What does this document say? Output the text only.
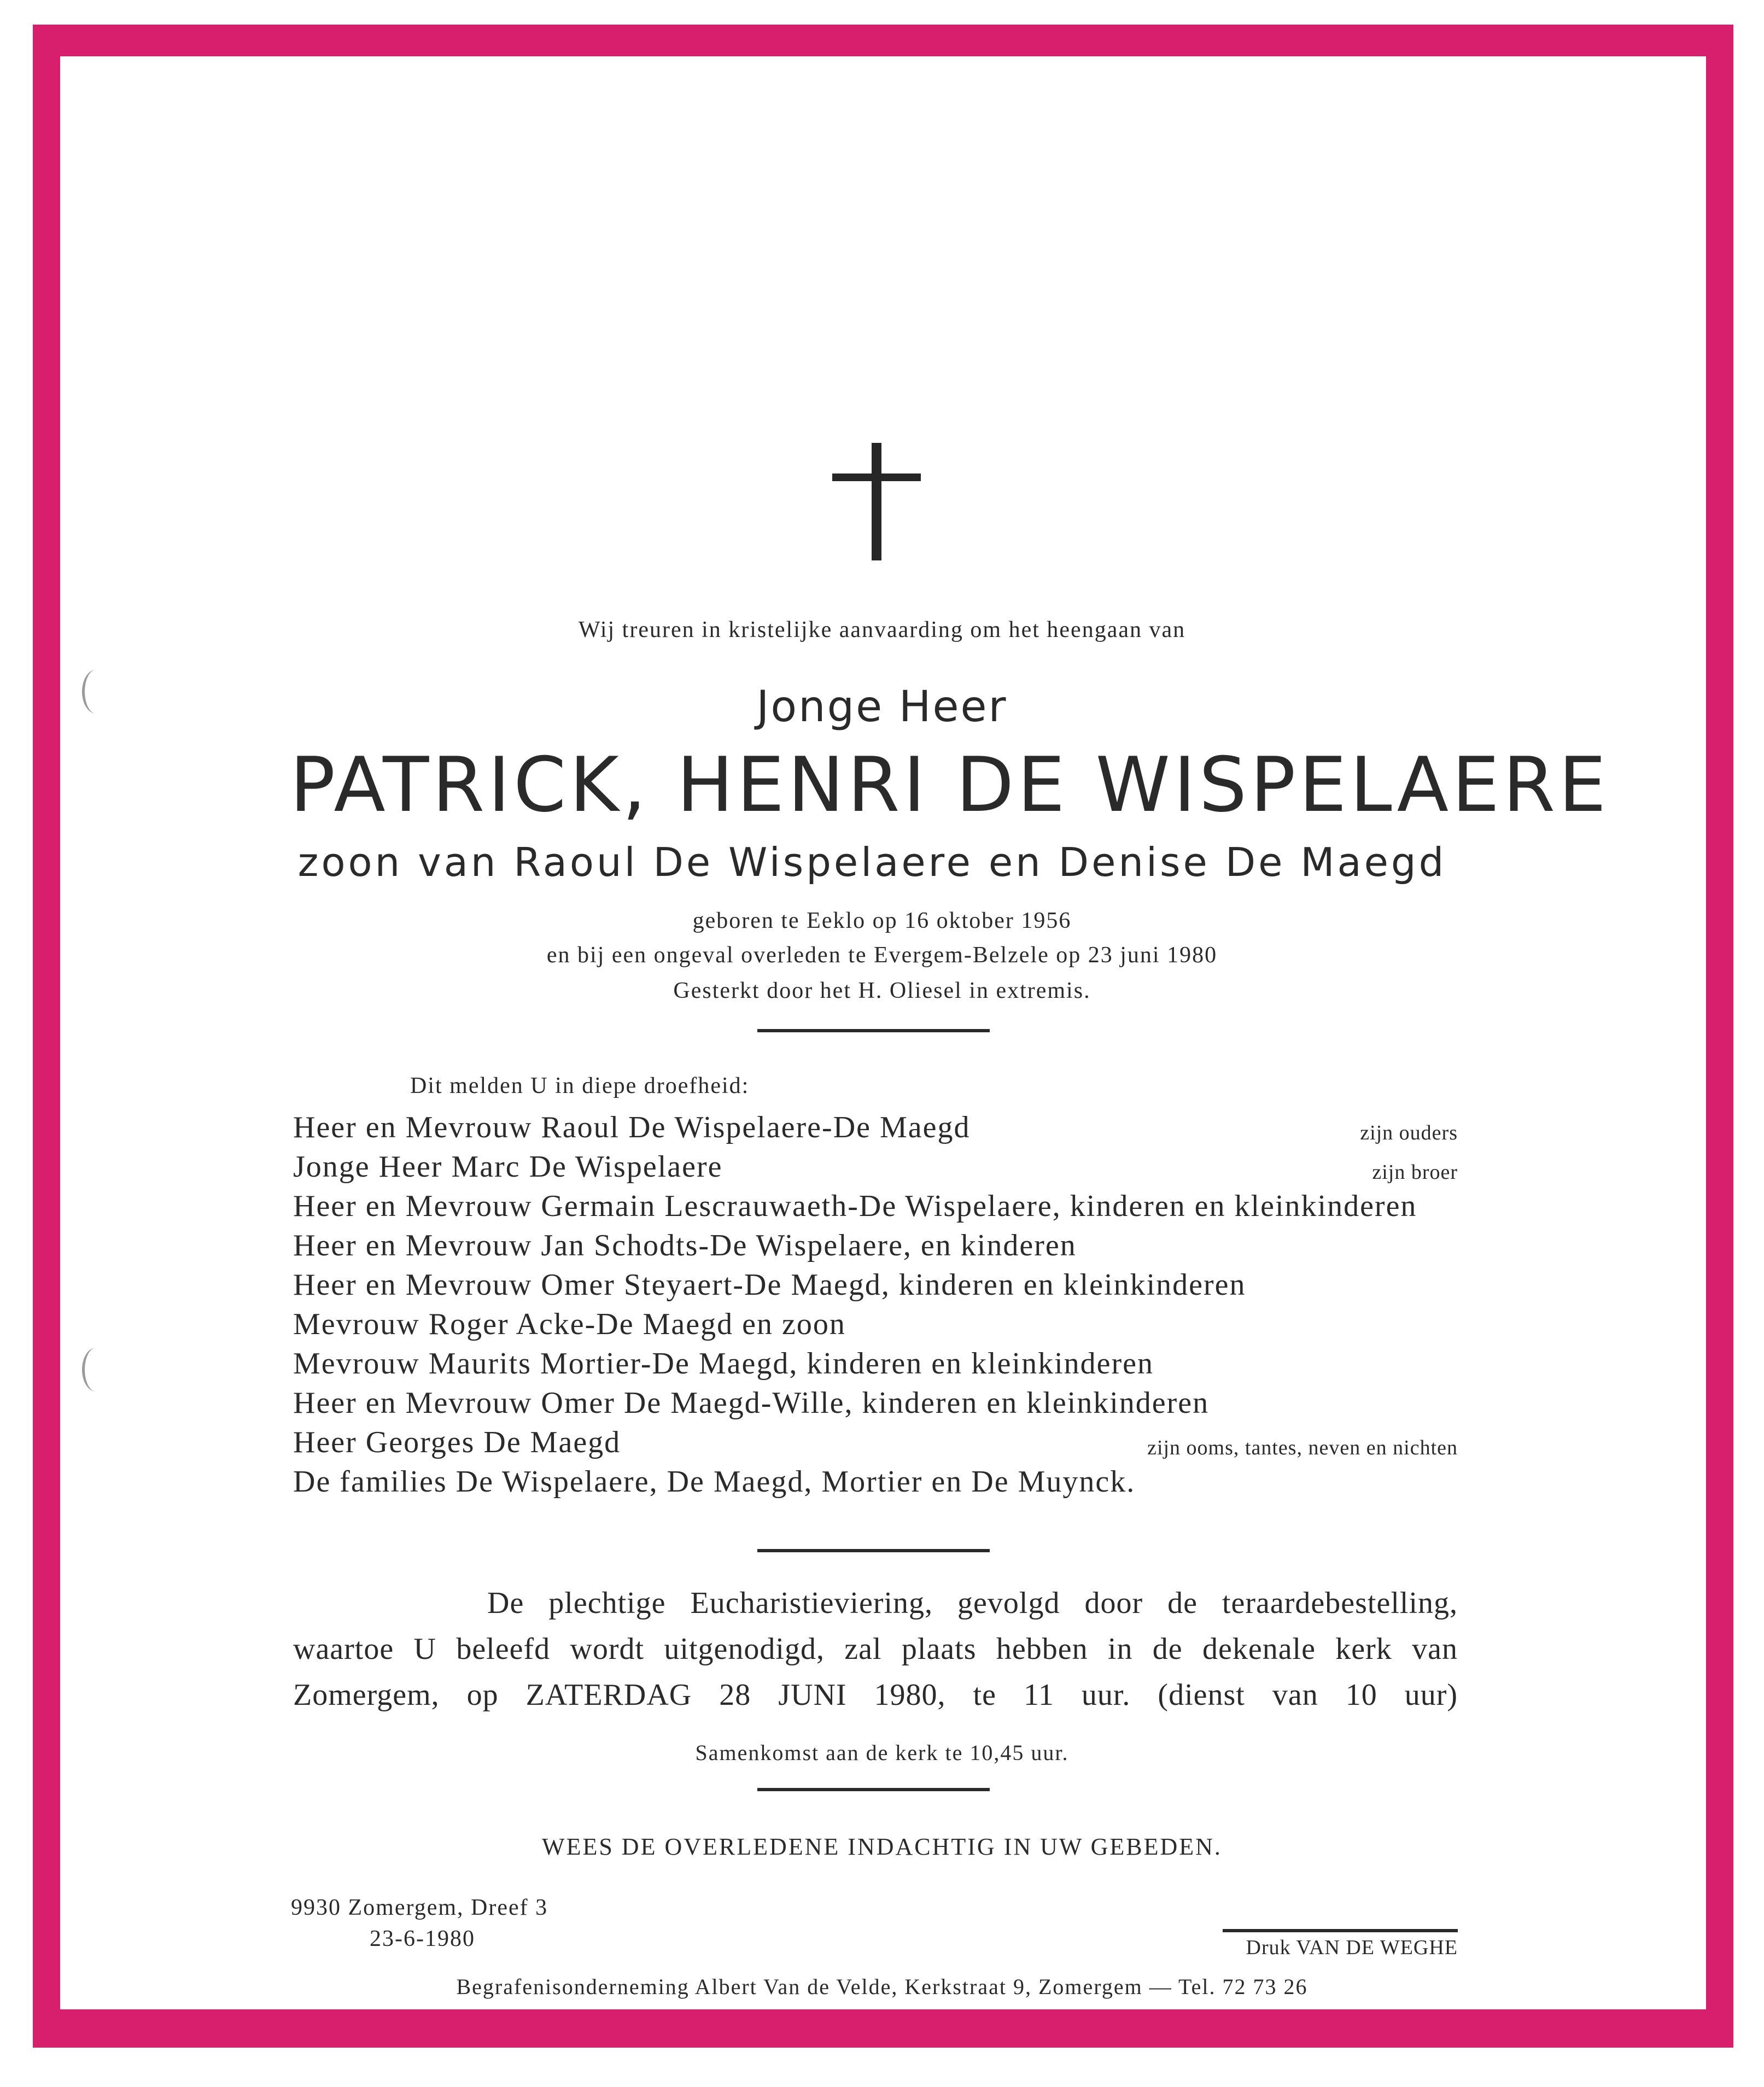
Wij treuren in kristelijke aanvaarding om het heengaan van
Jonge Heer
PATRICK, HENRI DE WISPELAERE
zoon van Raoul De Wispelaere en Denise De Maegd
geboren te Eeklo op 16 oktober 1956
en bij een ongeval overleden te Evergem-Belzele op 23 juni 1980
Gesterkt door het H. Oliesel in extremis.
Dit melden U in diepe droefheid:
Heer en Mevrouw Raoul De Wispelaere-De Maegd	zijn ouders
Jonge Heer Marc De Wispelaere	zijn broer
Heer en Mevrouw Germain Lescrauwaeth-De Wispelaere, kinderen en kleinkinderen
Heer en Mevrouw Jan Schodts-De Wispelaere, en kinderen
Heer en Mevrouw Omer Steyaert-De Maegd, kinderen en kleinkinderen
Mevrouw Roger Acke-De Maegd en zoon
Mevrouw Maurits Mortier-De Maegd, kinderen en kleinkinderen
Heer en Mevrouw Omer De Maegd-Wille, kinderen en kleinkinderen
Heer Georges De Maegd	zijn ooms, tantes, neven en nichten
De families De Wispelaere, De Maegd, Mortier en De Muynck.
De plechtige Eucharistieviering, gevolgd door de teraardebestelling,
waartoe U beleefd wordt uitgenodigd, zal plaats hebben in de dekenale kerk van
Zomergem, op ZATERDAG 28 JUNI 1980, te 11 uur. (dienst van 10 uur)
Samenkomst aan de kerk te 10,45 uur.
WEES DE OVERLEDENE INDACHTIG IN UW GEBEDEN.
9930 Zomergem, Dreef 3
23-6-1980	Druk VAN DE WEGHE
Begrafenisonderneming Albert Van de Velde, Kerkstraat 9, Zomergem — Tel. 72 73 26
